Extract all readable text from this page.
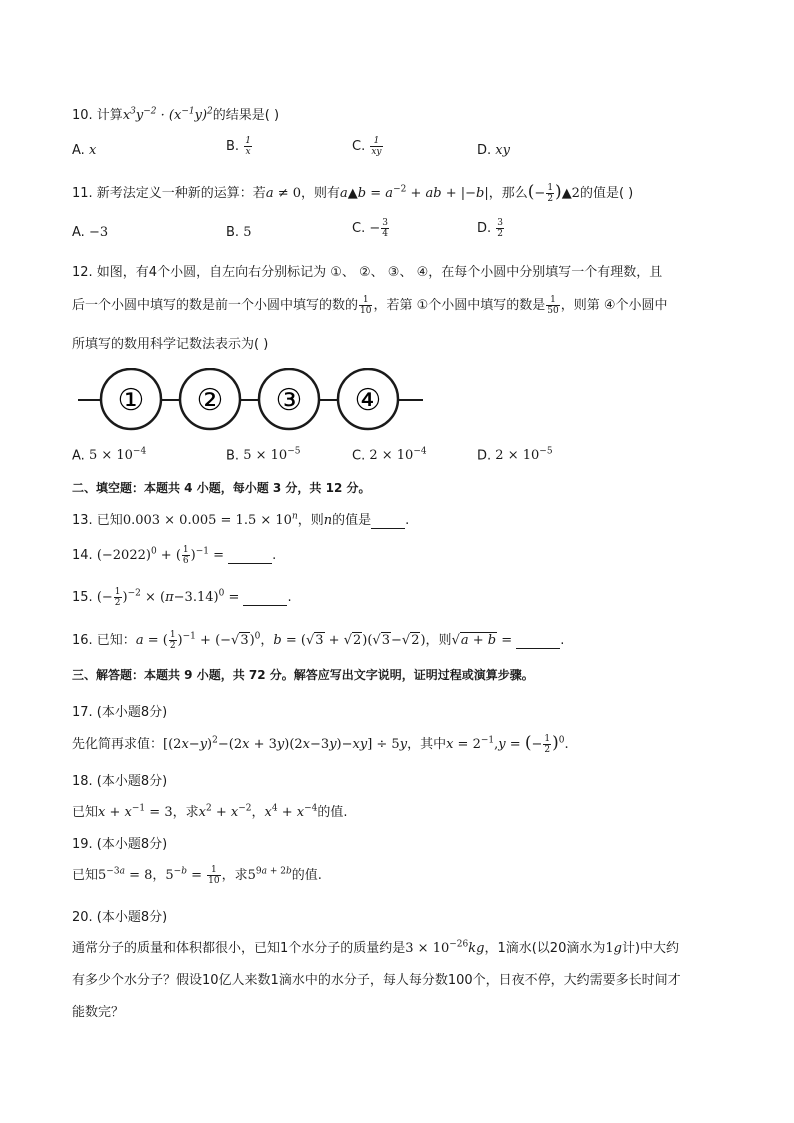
10. 计算$x^3y^{-2} \cdot (x^{-1}y)^2$的结果是( )
A. x	B. $\frac{1}{x}$	C. $\frac{1}{xy}$	D. xy
11. 新考法定义一种新的运算：若a ≠ 0，则有a▲b = $a^{-2}$ + ab + |−b|，那么(− $\frac{1}{2}$ )▲2的值是( )
A. −3	B. 5	C. − $\frac{3}{4}$	D. $\frac{3}{2}$
12. 如图，有4个小圆，自左向右分别标记为 ①、 ②、 ③、 ④，在每个小圆中分别填写一个有理数，且
后一个小圆中填写的数是前一个小圆中填写的数的 $\frac{1}{10}$ ，若第 ①个小圆中填写的数是 $\frac{1}{50}$ ，则第 ④个小圆中
所填写的数用科学记数法表示为( )
① ② ③ ④
A. $5 \times 10^{-4}$	B. $5 \times 10^{-5}$	C. $2 \times 10^{-4}$	D. $2 \times 10^{-5}$
二、填空题：本题共 4 小题，每小题 3 分，共 12 分。
13. 已知$0.003 \times 0.005 = 1.5 \times 10^n$，则n的值是	.
14. $(-2022)^0$ + ( $\frac{1}{6} )^{-1}$ =	.
15. (− $\frac{1}{2} )^{-2} \times (\pi-3.14)^0$ =	.
16. 已知：a = ( $\frac{1}{2} )^{-1} + (-√3)^0$，b = (√3 + √2)(√3−√2)，则√a + b =	.
三、解答题：本题共 9 小题，共 72 分。解答应写出文字说明，证明过程或演算步骤。
17. (本小题8分)
先化简再求值：$[(2x-y)^2-(2x + 3y)(2x-3y)-xy] \div 5y$，其中$x = 2^{-1},y$ = (− $\frac{1}{2} )^0$.
18. (本小题8分)
已知$x + x^{-1} = 3$，求$x^2 + x^{-2}$，$x^4 + x^{-4}$的值.
19. (本小题8分)
已知$5^{-3a} = 8$，$5^{-b} = \frac{1}{10}$ ，求$5^{9a + 2b}$的值.
20. (本小题8分)
通常分子的质量和体积都很小，已知1个水分子的质量约是$3 \times 10^{-26}kg$，1滴水(以20滴水为1g计)中大约
有多少个水分子？假设10亿人来数1滴水中的水分子，每人每分数100个，日夜不停，大约需要多长时间才
能数完？
